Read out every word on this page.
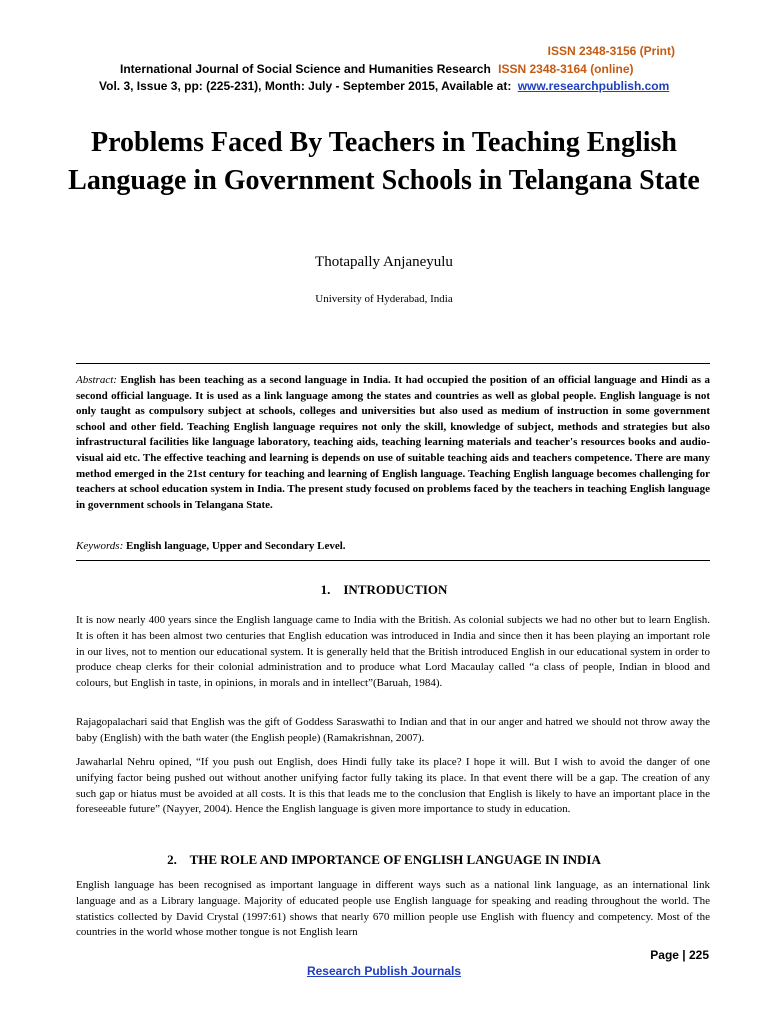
ISSN 2348-3156 (Print)
International Journal of Social Science and Humanities Research ISSN 2348-3164 (online)
Vol. 3, Issue 3, pp: (225-231), Month: July - September 2015, Available at: www.researchpublish.com
Problems Faced By Teachers in Teaching English Language in Government Schools in Telangana State
Thotapally Anjaneyulu
University of Hyderabad, India
Abstract: English has been teaching as a second language in India. It had occupied the position of an official language and Hindi as a second official language. It is used as a link language among the states and countries as well as global people. English language is not only taught as compulsory subject at schools, colleges and universities but also used as medium of instruction in some government school and other field. Teaching English language requires not only the skill, knowledge of subject, methods and strategies but also infrastructural facilities like language laboratory, teaching aids, teaching learning materials and teacher's resources books and audio-visual aid etc. The effective teaching and learning is depends on use of suitable teaching aids and teachers competence. There are many method emerged in the 21st century for teaching and learning of English language. Teaching English language becomes challenging for teachers at school education system in India. The present study focused on problems faced by the teachers in teaching English language in government schools in Telangana State.
Keywords: English language, Upper and Secondary Level.
1.    INTRODUCTION

It is now nearly 400 years since the English language came to India with the British. As colonial subjects we had no other but to learn English. It is often it has been almost two centuries that English education was introduced in India and since then it has been playing an important role in our lives, not to mention our educational system. It is generally held that the British introduced English in our educational system in order to produce cheap clerks for their colonial administration and to produce what Lord Macaulay called “a class of people, Indian in blood and colours, but English in taste, in opinions, in morals and in intellect”(Baruah, 1984).

Rajagopalachari said that English was the gift of Goddess Saraswathi to Indian and that in our anger and hatred we should not throw away the baby (English) with the bath water (the English people) (Ramakrishnan, 2007).

Jawaharlal Nehru opined, “If you push out English, does Hindi fully take its place? I hope it will. But I wish to avoid the danger of one unifying factor being pushed out without another unifying factor fully taking its place. In that event there will be a gap. The creation of any such gap or hiatus must be avoided at all costs. It is this that leads me to the conclusion that English is likely to have an important place in the foreseeable future” (Nayyer, 2004). Hence the English language is given more importance to study in education.

2.    THE ROLE AND IMPORTANCE OF ENGLISH LANGUAGE IN INDIA

English language has been recognised as important language in different ways such as a national link language, as an international link language and as a Library language. Majority of educated people use English language for speaking and reading throughout the world. The statistics collected by David Crystal (1997:61) shows that nearly 670 million people use English with fluency and competency. Most of the countries in the world whose mother tongue is not English learn

Page | 225
Research Publish Journals
